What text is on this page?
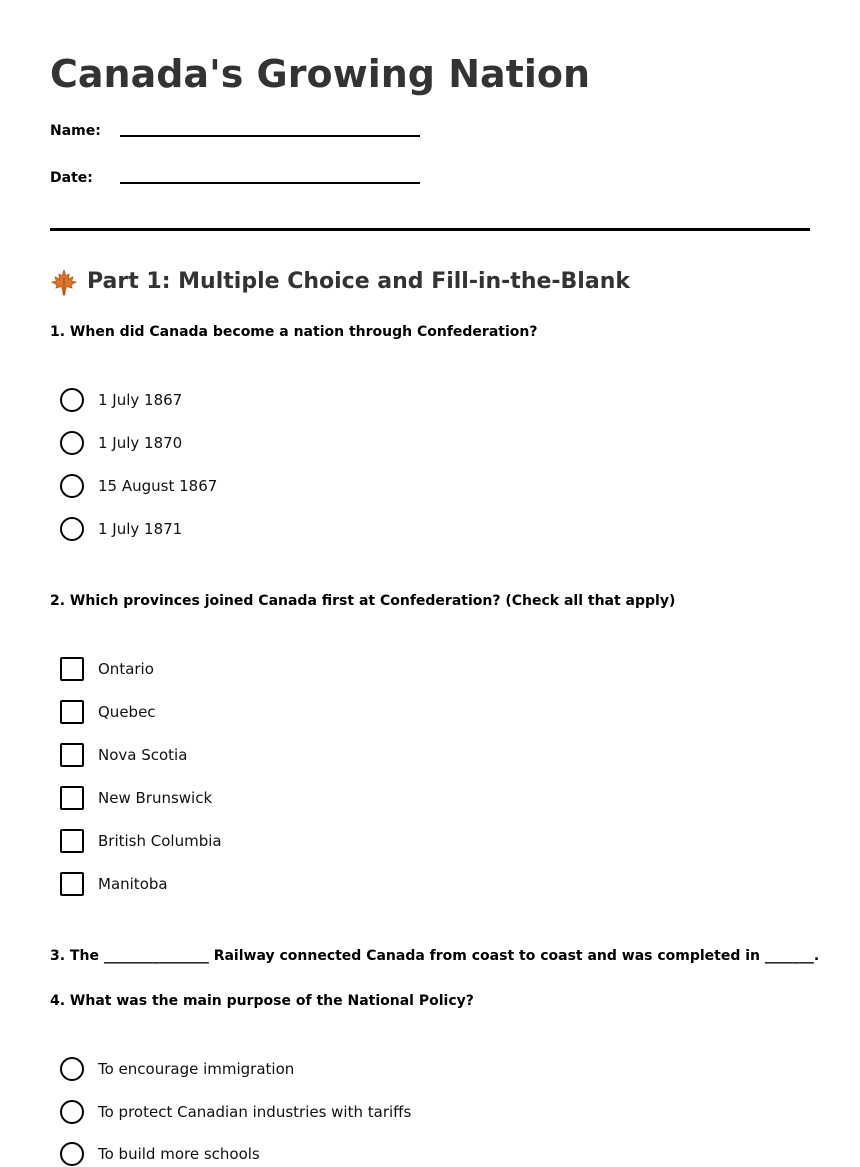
Canada's Growing Nation
Name:
Date:
Part 1: Multiple Choice and Fill-in-the-Blank
1. When did Canada become a nation through Confederation?
1 July 1867
1 July 1870
15 August 1867
1 July 1871
2. Which provinces joined Canada first at Confederation? (Check all that apply)
Ontario
Quebec
Nova Scotia
New Brunswick
British Columbia
Manitoba
3. The _______________ Railway connected Canada from coast to coast and was completed in _______.
4. What was the main purpose of the National Policy?
To encourage immigration
To protect Canadian industries with tariffs
To build more schools
